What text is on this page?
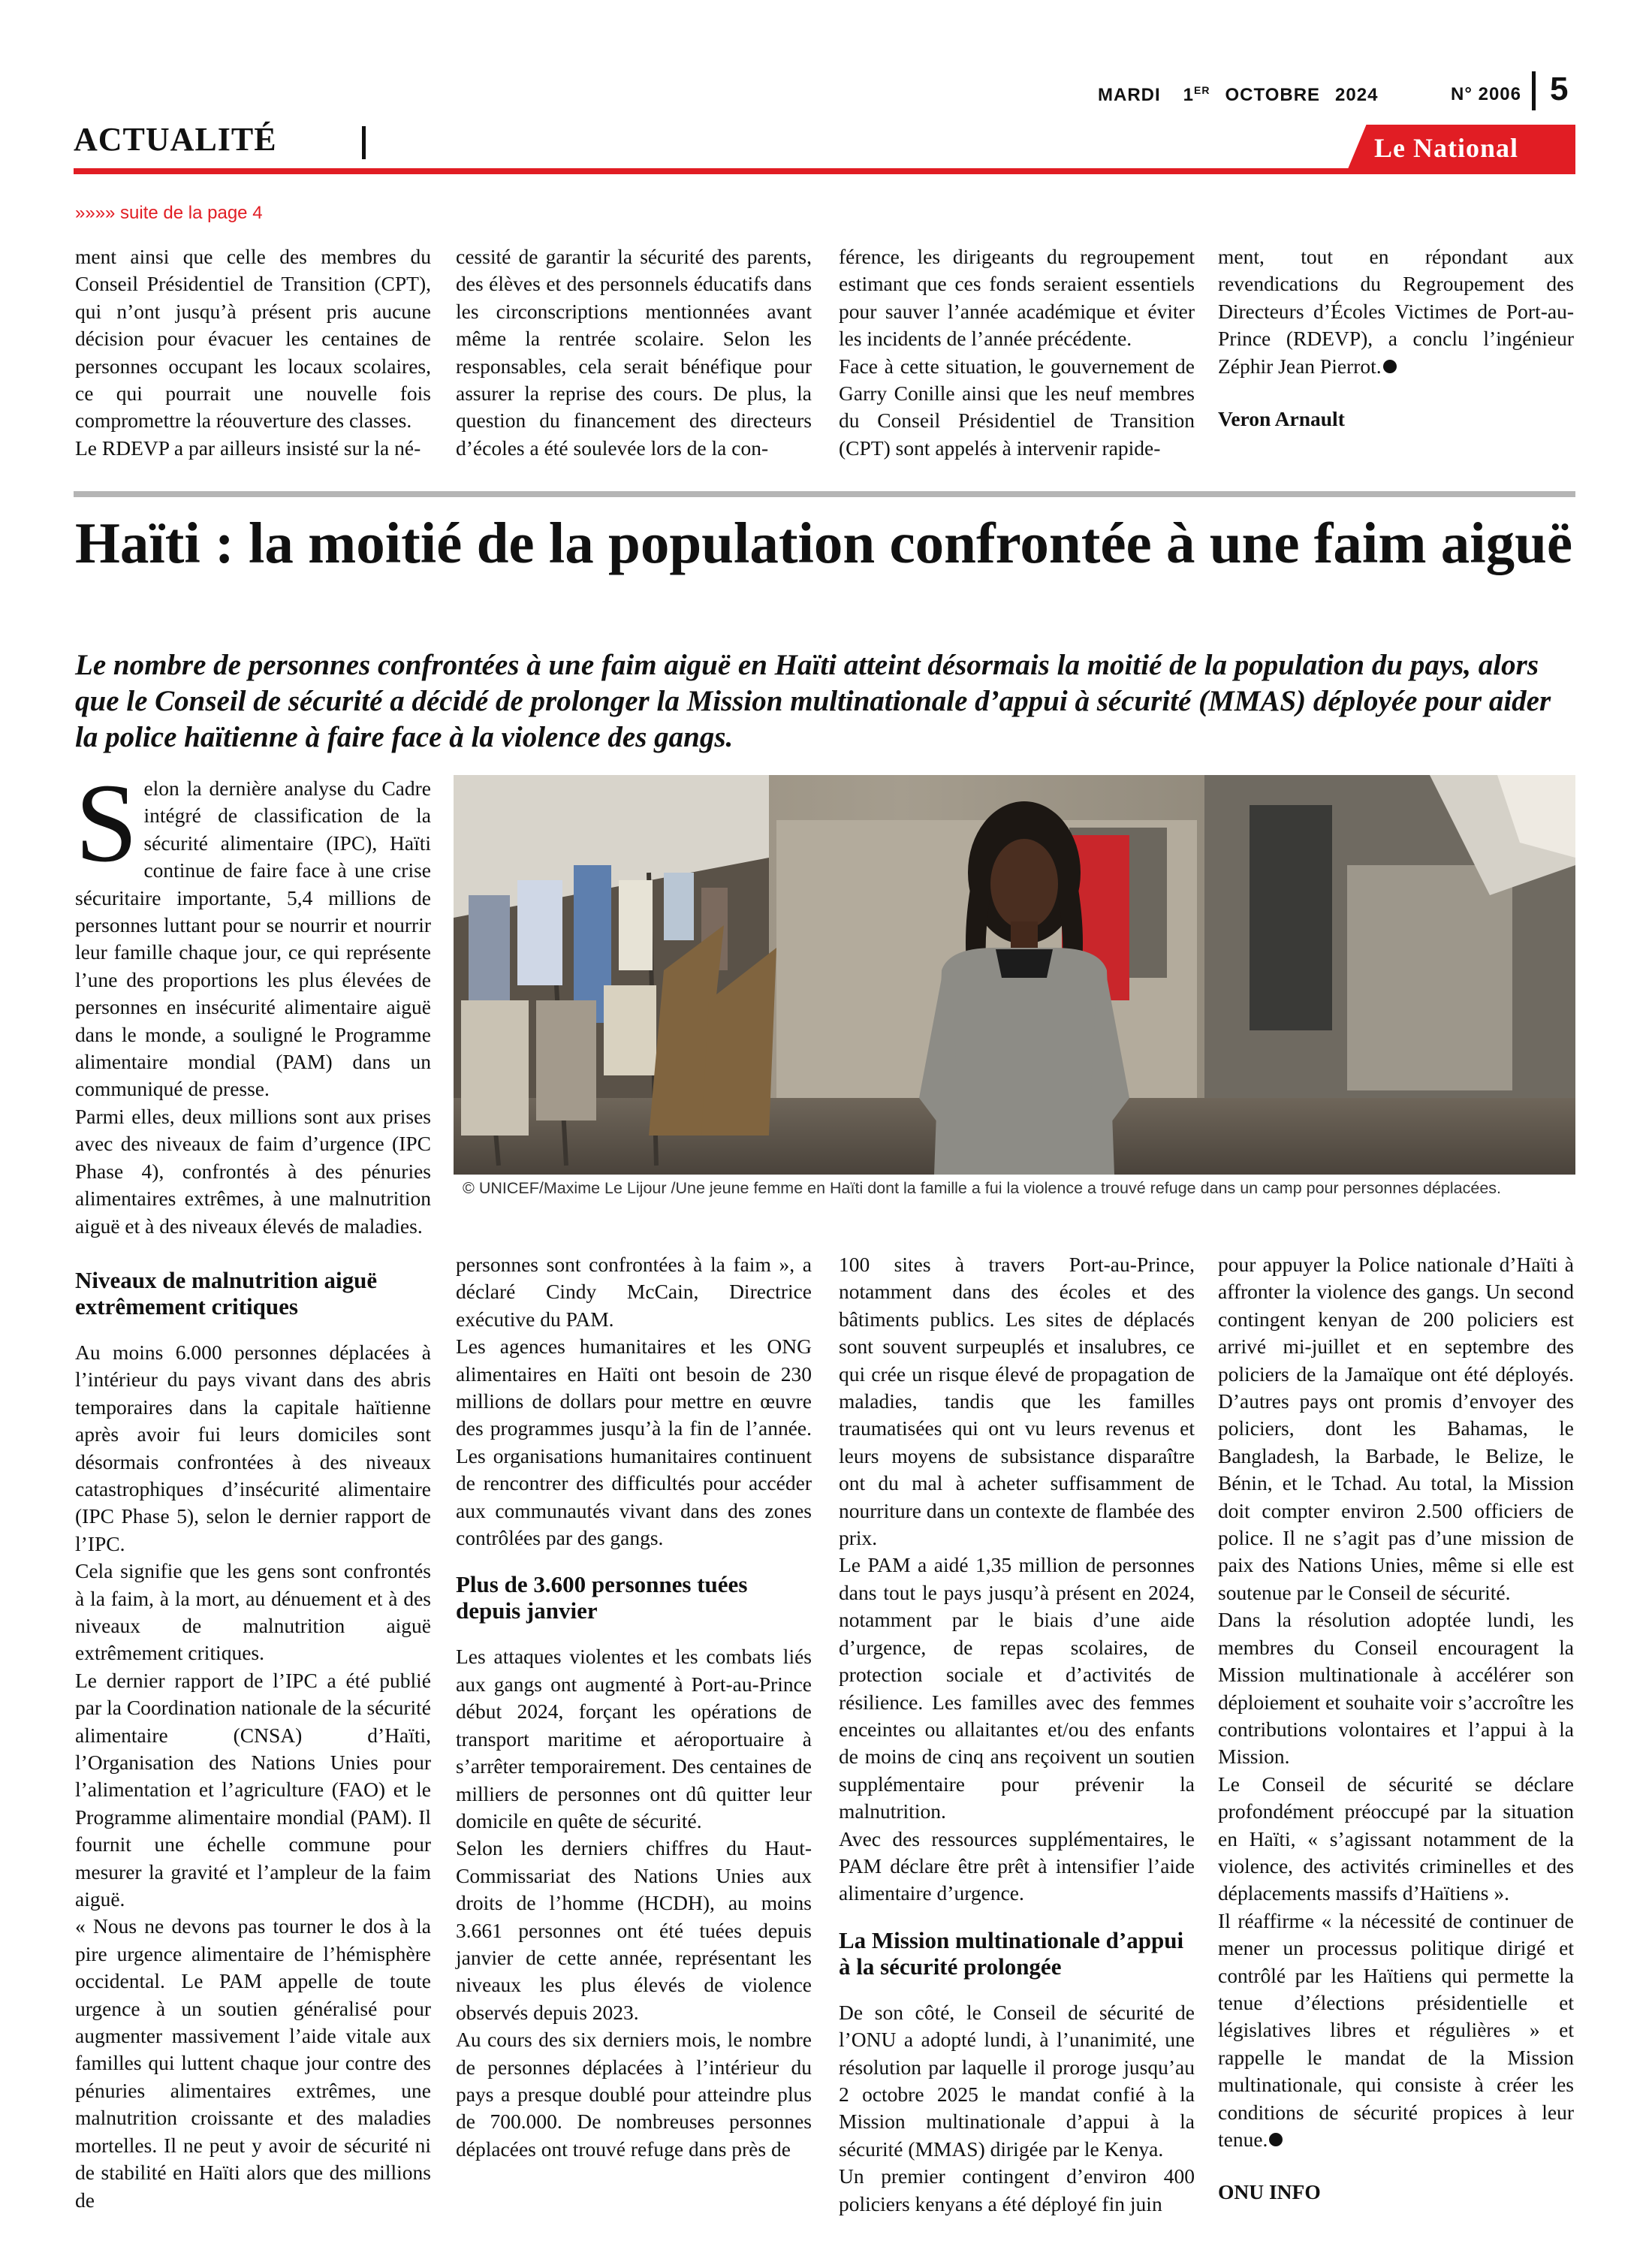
MARDI 1ER OCTOBRE 2024	N° 2006 5
ACTUALITÉ	Le National
»»»» suite de la page 4

ment ainsi que celle des membres du Conseil Présidentiel de Transition (CPT), qui n’ont jusqu’à présent pris aucune décision pour évacuer les centaines de personnes occupant les locaux scolaires, ce qui pourrait une nouvelle fois compromettre la réouverture des classes.

Le RDEVP a par ailleurs insisté sur la né-

cessité de garantir la sécurité des parents, des élèves et des personnels éducatifs dans les circonscriptions mentionnées avant même la rentrée scolaire. Selon les responsables, cela serait bénéfique pour assurer la reprise des cours. De plus, la question du financement des directeurs d’écoles a été soulevée lors de la con-

férence, les dirigeants du regroupement estimant que ces fonds seraient essentiels pour sauver l’année académique et éviter les incidents de l’année précédente.

Face à cette situation, le gouvernement de Garry Conille ainsi que les neuf membres du Conseil Présidentiel de Transition (CPT) sont appelés à intervenir rapide-

ment, tout en répondant aux revendications du Regroupement des Directeurs d’Écoles Victimes de Port-au-Prince (RDEVP), a conclu l’ingénieur Zéphir Jean Pierrot.

Veron Arnault

Haïti : la moitié de la population confrontée à une faim aiguë

Le nombre de personnes confrontées à une faim aiguë en Haïti atteint désormais la moitié de la population du pays, alors que le Conseil de sécurité a décidé de prolonger la Mission multinationale d’appui à sécurité (MMAS) déployée pour aider la police haïtienne à faire face à la violence des gangs.

© UNICEF/Maxime Le Lijour /Une jeune femme en Haïti dont la famille a fui la violence a trouvé refuge dans un camp pour personnes déplacées.

Selon la dernière analyse du Cadre intégré de classification de la sécurité alimentaire (IPC), Haïti continue de faire face à une crise sécuritaire importante, 5,4 millions de personnes luttant pour se nourrir et nourrir leur famille chaque jour, ce qui représente l’une des proportions les plus élevées de personnes en insécurité alimentaire aiguë dans le monde, a souligné le Programme alimentaire mondial (PAM) dans un communiqué de presse.

Parmi elles, deux millions sont aux prises avec des niveaux de faim d’urgence (IPC Phase 4), confrontés à des pénuries alimentaires extrêmes, à une malnutrition aiguë et à des niveaux élevés de maladies.

Niveaux de malnutrition aiguë extrêmement critiques

Au moins 6.000 personnes déplacées à l’intérieur du pays vivant dans des abris temporaires dans la capitale haïtienne après avoir fui leurs domiciles sont désormais confrontées à des niveaux catastrophiques d’insécurité alimentaire (IPC Phase 5), selon le dernier rapport de l’IPC.

Cela signifie que les gens sont confrontés à la faim, à la mort, au dénuement et à des niveaux de malnutrition aiguë extrêmement critiques.

Le dernier rapport de l’IPC a été publié par la Coordination nationale de la sécurité alimentaire (CNSA) d’Haïti, l’Organisation des Nations Unies pour l’alimentation et l’agriculture (FAO) et le Programme alimentaire mondial (PAM). Il fournit une échelle commune pour mesurer la gravité et l’ampleur de la faim aiguë.

« Nous ne devons pas tourner le dos à la pire urgence alimentaire de l’hémisphère occidental. Le PAM appelle de toute urgence à un soutien généralisé pour augmenter massivement l’aide vitale aux familles qui luttent chaque jour contre des pénuries alimentaires extrêmes, une malnutrition croissante et des maladies mortelles. Il ne peut y avoir de sécurité ni de stabilité en Haïti alors que des millions de

personnes sont confrontées à la faim », a déclaré Cindy McCain, Directrice exécutive du PAM.

Les agences humanitaires et les ONG alimentaires en Haïti ont besoin de 230 millions de dollars pour mettre en œuvre des programmes jusqu’à la fin de l’année. Les organisations humanitaires continuent de rencontrer des difficultés pour accéder aux communautés vivant dans des zones contrôlées par des gangs.

Plus de 3.600 personnes tuées depuis janvier

Les attaques violentes et les combats liés aux gangs ont augmenté à Port-au-Prince début 2024, forçant les opérations de transport maritime et aéroportuaire à s’arrêter temporairement. Des centaines de milliers de personnes ont dû quitter leur domicile en quête de sécurité.

Selon les derniers chiffres du Haut-Commissariat des Nations Unies aux droits de l’homme (HCDH), au moins 3.661 personnes ont été tuées depuis janvier de cette année, représentant les niveaux les plus élevés de violence observés depuis 2023.

Au cours des six derniers mois, le nombre de personnes déplacées à l’intérieur du pays a presque doublé pour atteindre plus de 700.000. De nombreuses personnes déplacées ont trouvé refuge dans près de

100 sites à travers Port-au-Prince, notamment dans des écoles et des bâtiments publics. Les sites de déplacés sont souvent surpeuplés et insalubres, ce qui crée un risque élevé de propagation de maladies, tandis que les familles traumatisées qui ont vu leurs revenus et leurs moyens de subsistance disparaître ont du mal à acheter suffisamment de nourriture dans un contexte de flambée des prix.

Le PAM a aidé 1,35 million de personnes dans tout le pays jusqu’à présent en 2024, notamment par le biais d’une aide d’urgence, de repas scolaires, de protection sociale et d’activités de résilience. Les familles avec des femmes enceintes ou allaitantes et/ou des enfants de moins de cinq ans reçoivent un soutien supplémentaire pour prévenir la malnutrition.

Avec des ressources supplémentaires, le PAM déclare être prêt à intensifier l’aide alimentaire d’urgence.

La Mission multinationale d’appui à la sécurité prolongée

De son côté, le Conseil de sécurité de l’ONU a adopté lundi, à l’unanimité, une résolution par laquelle il proroge jusqu’au 2 octobre 2025 le mandat confié à la Mission multinationale d’appui à la sécurité (MMAS) dirigée par le Kenya.

Un premier contingent d’environ 400 policiers kenyans a été déployé fin juin

pour appuyer la Police nationale d’Haïti à affronter la violence des gangs. Un second contingent kenyan de 200 policiers est arrivé mi-juillet et en septembre des policiers de la Jamaïque ont été déployés. D’autres pays ont promis d’envoyer des policiers, dont les Bahamas, le Bangladesh, la Barbade, le Belize, le Bénin, et le Tchad. Au total, la Mission doit compter environ 2.500 officiers de police. Il ne s’agit pas d’une mission de paix des Nations Unies, même si elle est soutenue par le Conseil de sécurité.

Dans la résolution adoptée lundi, les membres du Conseil encouragent la Mission multinationale à accélérer son déploiement et souhaite voir s’accroître les contributions volontaires et l’appui à la Mission.

Le Conseil de sécurité se déclare profondément préoccupé par la situation en Haïti, « s’agissant notamment de la violence, des activités criminelles et des déplacements massifs d’Haïtiens ».

Il réaffirme « la nécessité de continuer de mener un processus politique dirigé et contrôlé par les Haïtiens qui permette la tenue d’élections présidentielle et législatives libres et régulières » et rappelle le mandat de la Mission multinationale, qui consiste à créer les conditions de sécurité propices à leur tenue.

ONU INFO
